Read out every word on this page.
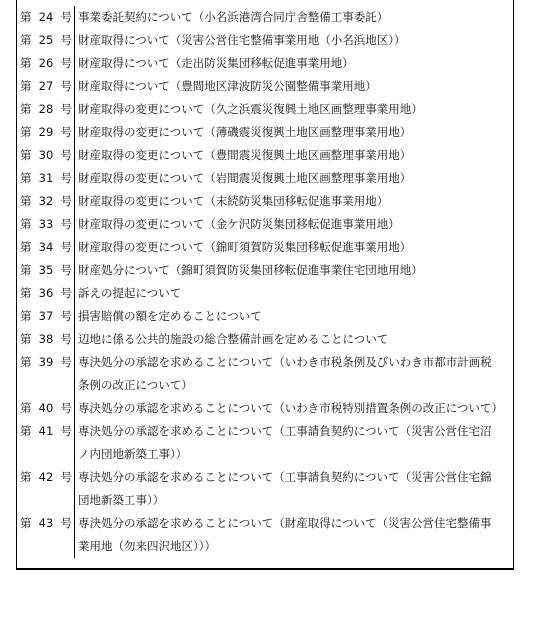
第 24 号 事業委託契約について（小名浜港湾合同庁舎整備工事委託）
第 25 号 財産取得について（災害公営住宅整備事業用地（小名浜地区））
第 26 号 財産取得について（走出防災集団移転促進事業用地）
第 27 号 財産取得について（豊間地区津波防災公園整備事業用地）
第 28 号 財産取得の変更について（久之浜震災復興土地区画整理事業用地）
第 29 号 財産取得の変更について（薄磯震災復興土地区画整理事業用地）
第 30 号 財産取得の変更について（豊間震災復興土地区画整理事業用地）
第 31 号 財産取得の変更について（岩間震災復興土地区画整理事業用地）
第 32 号 財産取得の変更について（末続防災集団移転促進事業用地）
第 33 号 財産取得の変更について（金ケ沢防災集団移転促進事業用地）
第 34 号 財産取得の変更について（錦町須賀防災集団移転促進事業用地）
第 35 号 財産処分について（錦町須賀防災集団移転促進事業住宅団地用地）
第 36 号 訴えの提起について
第 37 号 損害賠償の額を定めることについて
第 38 号 辺地に係る公共的施設の総合整備計画を定めることについて
第 39 号 専決処分の承認を求めることについて（いわき市税条例及びいわき市都市計画税条例の改正について）
第 40 号 専決処分の承認を求めることについて（いわき市税特別措置条例の改正について）
第 41 号 専決処分の承認を求めることについて（工事請負契約について（災害公営住宅沼ノ内団地新築工事））
第 42 号 専決処分の承認を求めることについて（工事請負契約について（災害公営住宅錦団地新築工事））
第 43 号 専決処分の承認を求めることについて（財産取得について（災害公営住宅整備事業用地（勿来四沢地区）））
